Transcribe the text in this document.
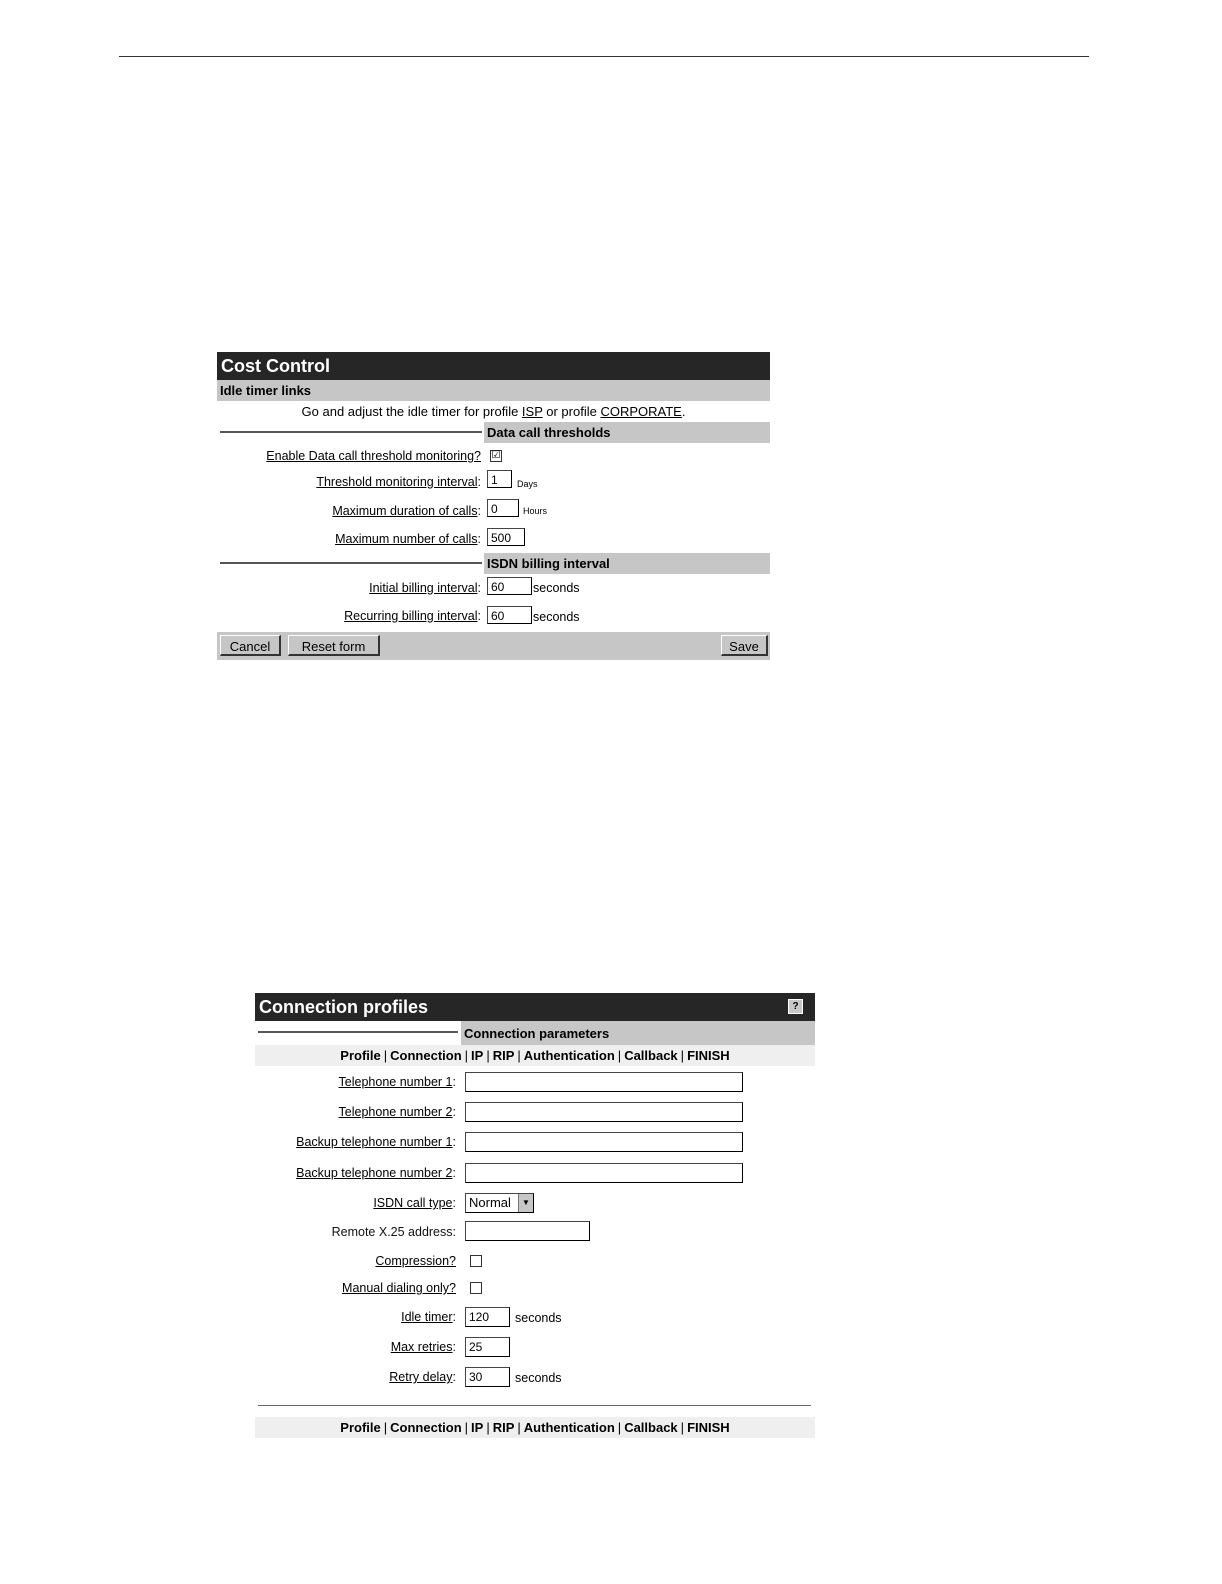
Cost Control
Idle timer links
Go and adjust the idle timer for profile ISP or profile CORPORATE.
Data call thresholds
Enable Data call threshold monitoring? ☑
Threshold monitoring interval: 1	Days
Maximum duration of calls: 0	Hours
Maximum number of calls: 500
ISDN billing interval
Initial billing interval: 60	seconds
Recurring billing interval: 60	seconds
Cancel	Reset form	Save
Connection profiles	?
Connection parameters
Profile | Connection | IP | RIP | Authentication | Callback | FINISH
Telephone number 1:
Telephone number 2:
Backup telephone number 1:
Backup telephone number 2:
ISDN call type:	Normal	▼
Remote X.25 address:
Compression?
Manual dialing only?
Idle timer:	120	seconds
Max retries:	25
Retry delay:	30	seconds
Profile | Connection | IP | RIP | Authentication | Callback | FINISH
